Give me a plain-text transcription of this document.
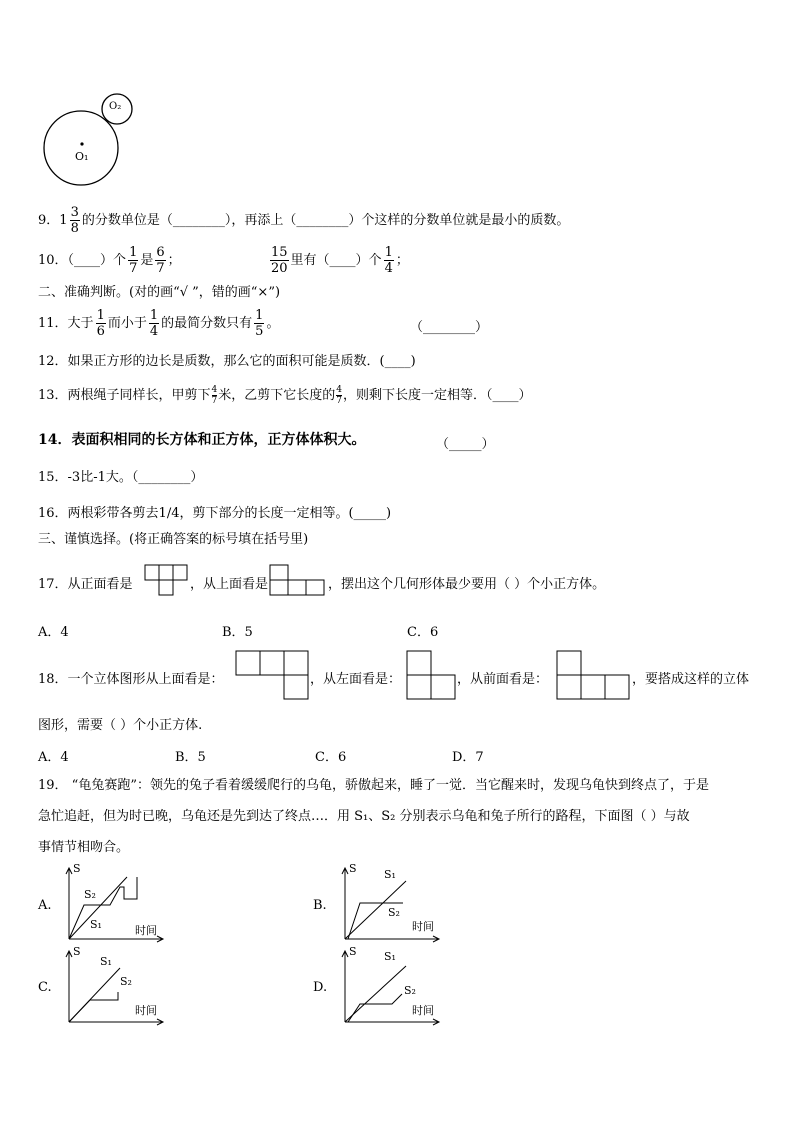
O₁
O₂
9．$1 \frac{3}{8}$ 的分数单位是（________），再添上（________）个这样的分数单位就是最小的质数。
10．（____）个 $\frac{1}{7}$ 是 $\frac{6}{7}$ ；	$\frac{15}{20}$ 里有（____）个 $\frac{1}{4}$ ；
二、准确判断。(对的画“√ ”，错的画“×”)
11．大于 $\frac{1}{6}$ 而小于 $\frac{1}{4}$ 的最简分数只有 $\frac{1}{5}$ 。	（________）
12．如果正方形的边长是质数，那么它的面积可能是质数．(____)
13．两根绳子同样长，甲剪下 $\frac{4}{7}$ 米，乙剪下它长度的 $\frac{4}{7}$ ，则剩下长度一定相等．（____）
14．表面积相同的长方体和正方体，正方体体积大。	（_____）
15．-3比-1大。（________）
16．两根彩带各剪去1/4，剪下部分的长度一定相等。(_____)
三、谨慎选择。(将正确答案的标号填在括号里)
17．从正面看是	，从上面看是	，摆出这个几何形体最少要用（ ）个小正方体。
A．4	B．5	C．6
18．一个立体图形从上面看是：	，从左面看是：	，从前面看是：	，要搭成这样的立体
图形，需要（ ）个小正方体.
A．4	B．5	C．6	D．7
19． “龟兔赛跑”：领先的兔子看着缓缓爬行的乌龟，骄傲起来，睡了一觉．当它醒来时，发现乌龟快到终点了，于是
急忙追赶，但为时已晚，乌龟还是先到达了终点…．用 S₁、S₂ 分别表示乌龟和兔子所行的路程，下面图（ ）与故
事情节相吻合。
A.
S
S₂
S₁	时间
B.
S S₁
S₂
时间
C.
S
S₁
S₂
时间
D.
S S₁
S₂
时间
